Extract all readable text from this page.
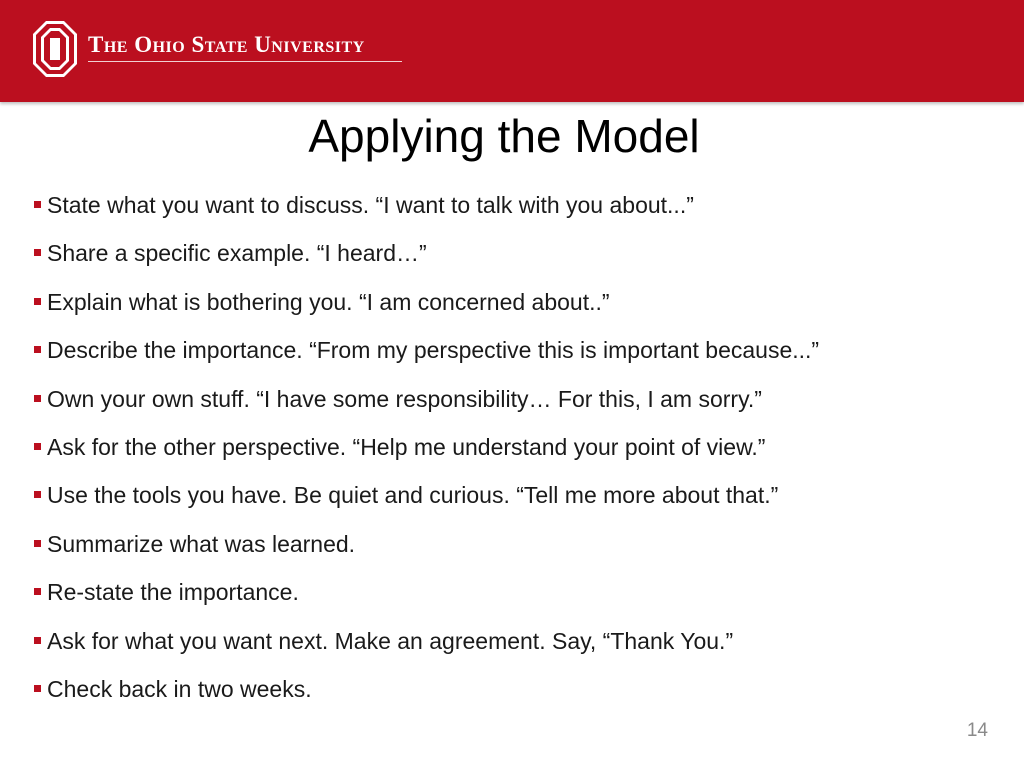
The Ohio State University
Applying the Model
State what you want to discuss. “I want to talk with you about...”
Share a specific example. “I heard…”
Explain what is bothering you. “I am concerned about..”
Describe the importance. “From my perspective this is important because...”
Own your own stuff. “I have some responsibility… For this, I am sorry.”
Ask for the other perspective. “Help me understand your point of view.”
Use the tools you have. Be quiet and curious. “Tell me more about that.”
Summarize what was learned.
Re-state the importance.
Ask for what you want next. Make an agreement. Say, “Thank You.”
Check back in two weeks.
14
